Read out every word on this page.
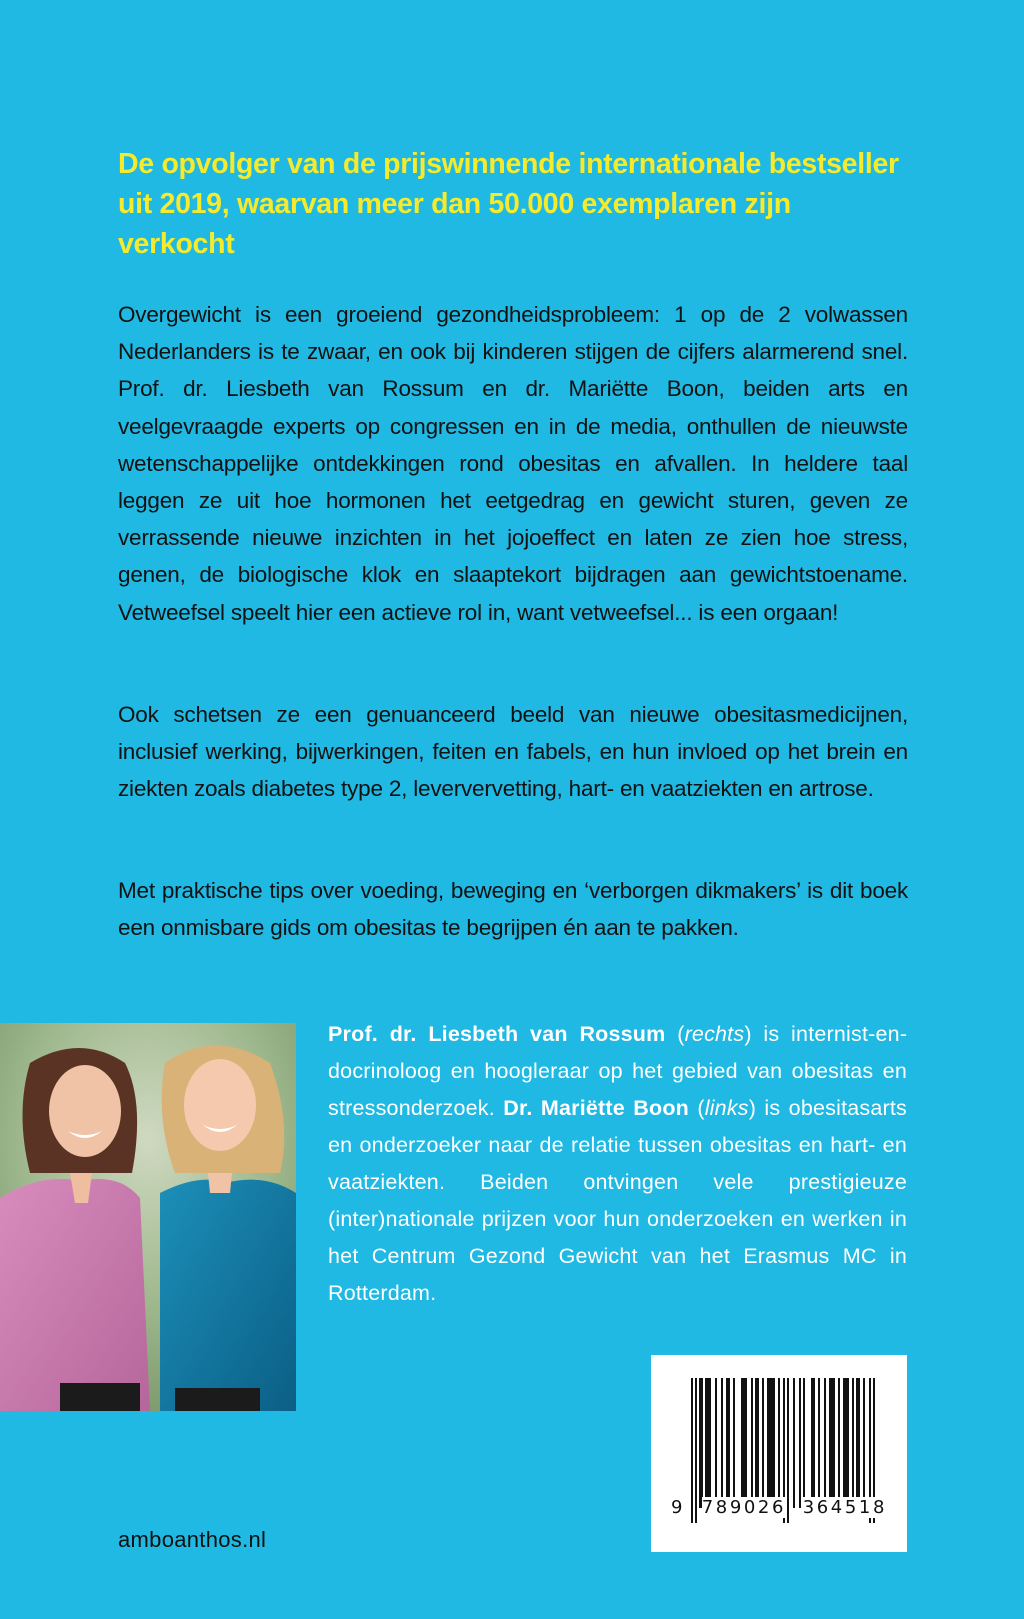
De opvolger van de prijswinnende internationale bestseller uit 2019, waarvan meer dan 50.000 exemplaren zijn verkocht

Overgewicht is een groeiend gezondheidsprobleem: 1 op de 2 volwassen Nederlanders is te zwaar, en ook bij kinderen stijgen de cijfers alarmerend snel. Prof. dr. Liesbeth van Rossum en dr. Mariëtte Boon, beiden arts en veelgevraagde experts op congressen en in de media, onthullen de nieuwste wetenschappelijke ontdekkingen rond obesitas en afvallen. In heldere taal leggen ze uit hoe hormonen het eetgedrag en gewicht sturen, geven ze verrassende nieuwe inzichten in het jojoeffect en laten ze zien hoe stress, genen, de biologische klok en slaaptekort bijdragen aan gewichtstoename. Vetweefsel speelt hier een actieve rol in, want vetweefsel... is een orgaan!

Ook schetsen ze een genuanceerd beeld van nieuwe obesitasmedicijnen, inclusief werking, bijwerkingen, feiten en fabels, en hun invloed op het brein en ziekten zoals diabetes type 2, leververvetting, hart- en vaatziekten en artrose.

Met praktische tips over voeding, beweging en ‘verborgen dikmakers’ is dit boek een onmisbare gids om obesitas te begrijpen én aan te pakken.

Prof. dr. Liesbeth van Rossum (rechts) is internist-endocrinoloog en hoogleraar op het gebied van obesitas en stressonderzoek. Dr. Mariëtte Boon (links) is obesitasarts en onderzoeker naar de relatie tussen obesitas en hart- en vaatziekten. Beiden ontvingen vele prestigieuze (inter)nationale prijzen voor hun onderzoeken en werken in het Centrum Gezond Gewicht van het Erasmus MC in Rotterdam.

amboanthos.nl
9 789026 364518
